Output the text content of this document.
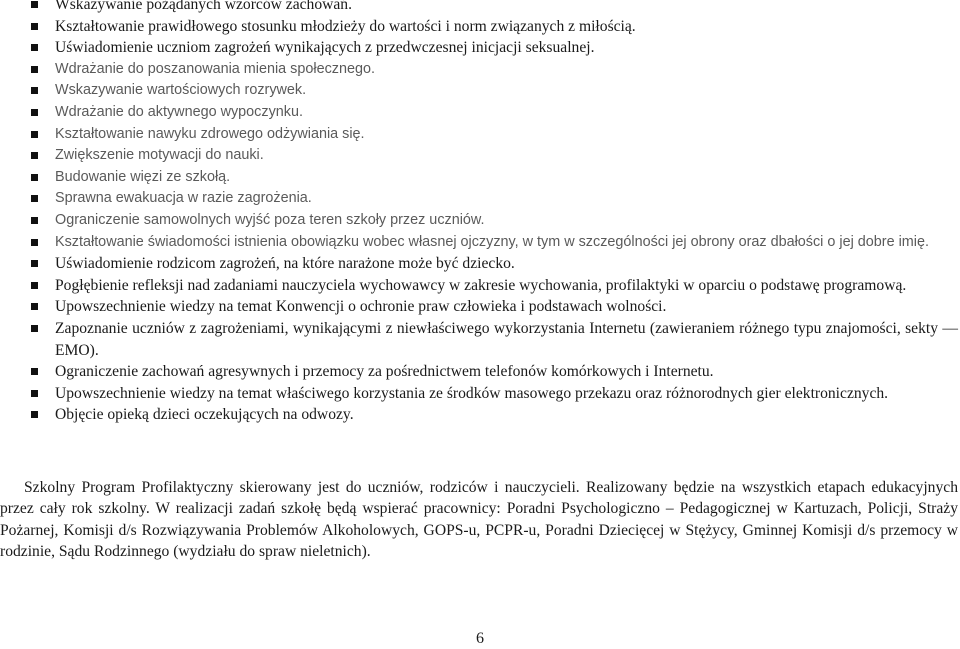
Wskazywanie pożądanych wzorców zachowań.
Kształtowanie prawidłowego stosunku młodzieży do wartości i norm związanych z miłością.
Uświadomienie uczniom zagrożeń wynikających z przedwczesnej inicjacji seksualnej.
Wdrażanie do poszanowania mienia społecznego.
Wskazywanie wartościowych rozrywek.
Wdrażanie do aktywnego wypoczynku.
Kształtowanie nawyku zdrowego odżywiania się.
Zwiększenie motywacji do nauki.
Budowanie więzi ze szkołą.
Sprawna ewakuacja w razie zagrożenia.
Ograniczenie samowolnych wyjść poza teren szkoły przez uczniów.
Kształtowanie świadomości istnienia obowiązku wobec własnej ojczyzny, w tym w szczególności jej obrony oraz dbałości o jej dobre imię.
Uświadomienie rodzicom zagrożeń, na które narażone może być dziecko.
Pogłębienie refleksji nad zadaniami nauczyciela wychowawcy w zakresie wychowania, profilaktyki w oparciu o podstawę programową.
Upowszechnienie wiedzy na temat Konwencji o ochronie praw człowieka i podstawach wolności.
Zapoznanie uczniów z zagrożeniami, wynikającymi z niewłaściwego wykorzystania Internetu (zawieraniem różnego typu znajomości, sekty — EMO).
Ograniczenie zachowań agresywnych i przemocy za pośrednictwem telefonów komórkowych i Internetu.
Upowszechnienie wiedzy na temat właściwego korzystania ze środków masowego przekazu oraz różnorodnych gier elektronicznych.
Objęcie opieką dzieci oczekujących na odwozy.

Szkolny Program Profilaktyczny skierowany jest do uczniów, rodziców i nauczycieli. Realizowany będzie na wszystkich etapach edukacyjnych przez cały rok szkolny. W realizacji zadań szkołę będą wspierać pracownicy: Poradni Psychologiczno – Pedagogicznej w Kartuzach, Policji, Straży Pożarnej, Komisji d/s Rozwiązywania Problemów Alkoholowych, GOPS-u, PCPR-u, Poradni Dziecięcej w Stężycy, Gminnej Komisji d/s przemocy w rodzinie, Sądu Rodzinnego (wydziału do spraw nieletnich).

6
